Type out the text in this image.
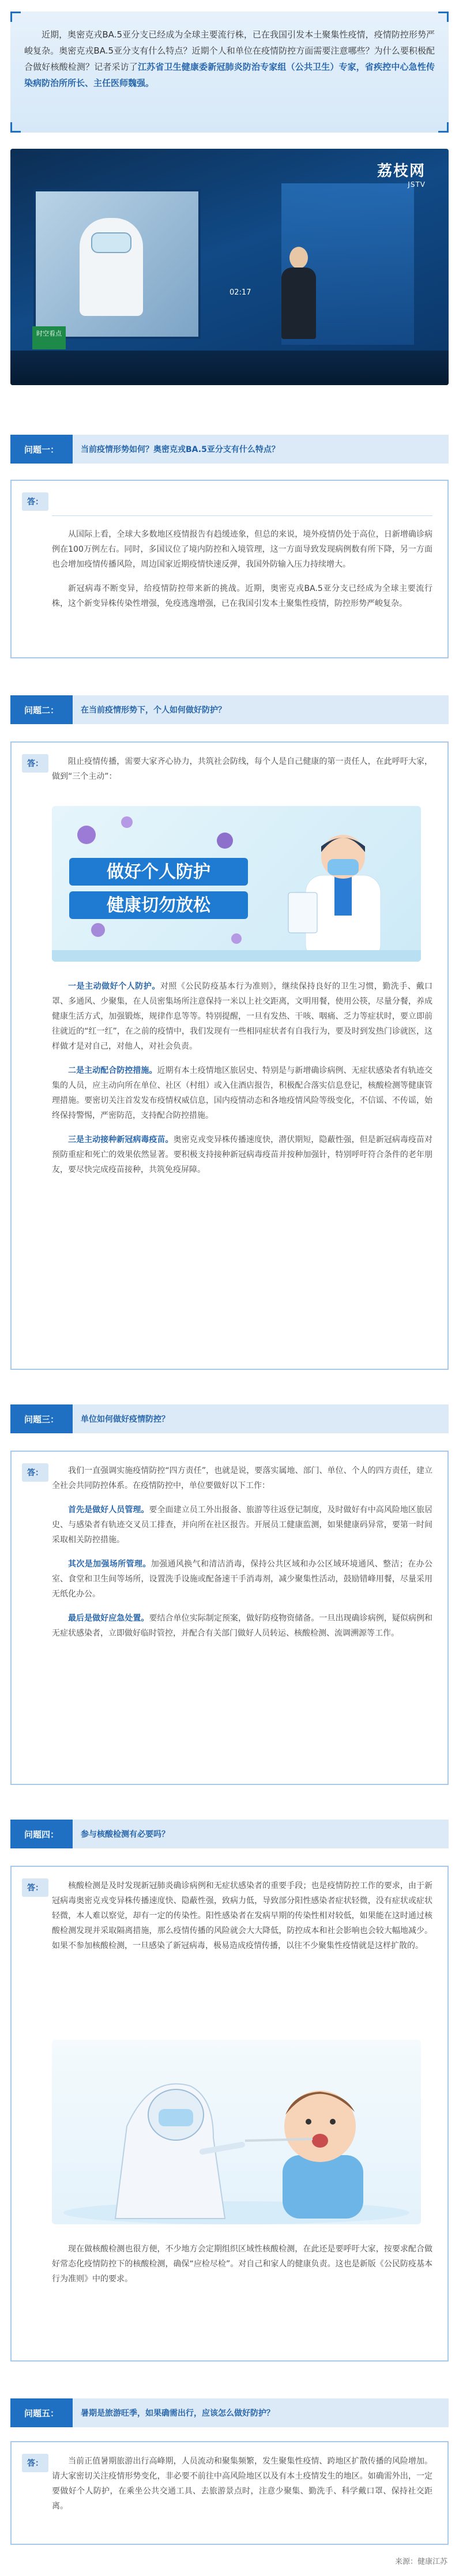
近期，奥密克戎BA.5亚分支已经成为全球主要流行株，已在我国引发本土聚集性疫情，疫情防控形势严峻复杂。奥密克戎BA.5亚分支有什么特点？近期个人和单位在疫情防控方面需要注意哪些？为什么要积极配合做好核酸检测？记者采访了江苏省卫生健康委新冠肺炎防治专家组（公共卫生）专家，省疾控中心急性传染病防治所所长、主任医师魏强。

荔枝网
JSTV
02:17
时空看点
问题一：	当前疫情形势如何？奥密克戎BA.5亚分支有什么特点？
答：

从国际上看，全球大多数地区疫情报告有趋缓迹象，但总的来说，境外疫情仍处于高位，日新增确诊病例在100万例左右。同时，多国议位了境内防控和入境管理，这一方面导致发现病例数有所下降，另一方面也会增加疫情传播风险，周边国家近期疫情快速反弹，我国外防输入压力持续增大。

新冠病毒不断变异，给疫情防控带来新的挑战。近期，奥密克戎BA.5亚分支已经成为全球主要流行株，这个新变异株传染性增强，免疫逃逸增强，已在我国引发本土聚集性疫情，防控形势严峻复杂。

问题二：	在当前疫情形势下，个人如何做好防护？
答：	阻止疫情传播，需要大家齐心协力，共筑社会防线，每个人是自己健康的第一责任人，在此呼吁大家，做到“三个主动”：

做好个人防护
健康切勿放松

一是主动做好个人防护。对照《公民防疫基本行为准则》，继续保持良好的卫生习惯，勤洗手、戴口罩、多通风、少聚集，在人员密集场所注意保持一米以上社交距离，文明用餐，使用公筷，尽量分餐，养成健康生活方式，加强锻炼，规律作息等等。特别提醒，一旦有发热、干咳、咽痛、乏力等症状时，要立即前往就近的“红一红”，在之前的疫情中，我们发现有一些相同症状者有自我行为，要及时到发热门诊就医，这样做才是对自己，对他人，对社会负责。

二是主动配合防控措施。近期有本土疫情地区旅居史、特别是与新增确诊病例、无症状感染者有轨迹交集的人员，应主动向所在单位、社区（村组）或入住酒店报告，积极配合落实信息登记，核酸检测等健康管理措施。要密切关注首发发布疫情权威信息，国内疫情动态和各地疫情风险等级变化，不信谣、不传谣，始终保持警惕，严密防范，支持配合防控措施。

三是主动接种新冠病毒疫苗。奥密克戎变异株传播速度快，潜伏期短，隐蔽性强，但是新冠病毒疫苗对预防重症和死亡的效果依然显著。要积极支持接种新冠病毒疫苗并按种加强针，特别呼吁符合条件的老年朋友，要尽快完成疫苗接种，共筑免疫屏障。

问题三：	单位如何做好疫情防控？
答：	我们一直强调实施疫情防控“四方责任”，也就是说，要落实属地、部门、单位、个人的四方责任，建立全社会共同防控体系。在疫情防控中，单位要做好以下工作：

首先是做好人员管理。要全面建立员工外出报备、旅游等往返登记制度，及时做好有中高风险地区旅居史、与感染者有轨迹交叉员工排查，并向所在社区报告。开展员工健康监测，如果健康码异常，要第一时间采取相关防控措施。

其次是加强场所管理。加强通风换气和清洁消毒，保持公共区域和办公区域环境通风、整洁；在办公室、食堂和卫生间等场所，设置洗手设施或配备速干手消毒剂，减少聚集性活动，鼓励错峰用餐，尽量采用无纸化办公。

最后是做好应急处置。要结合单位实际制定预案，做好防疫物资储备。一旦出现确诊病例，疑似病例和无症状感染者，立即做好临时管控，并配合有关部门做好人员转运、核酸检测、流调溯源等工作。

问题四：	参与核酸检测有必要吗？
答：	核酸检测是及时发现新冠肺炎确诊病例和无症状感染者的重要手段；也是疫情防控工作的要求，由于新冠病毒奥密克戎变异株传播速度快、隐蔽性强，致病力低，导致部分阳性感染者症状轻微，没有症状或症状轻微，本人难以察觉，却有一定的传染性。阳性感染者在发病早期的传染性相对较低，如果能在这时通过核酸检测发现并采取隔离措施，那么疫情传播的风险就会大大降低，防控成本和社会影响也会较大幅地减少。如果不参加核酸检测，一旦感染了新冠病毒，极易造成疫情传播，以往不少聚集性疫情就是这样扩散的。

现在做核酸检测也很方便，不少地方会定期组织区域性核酸检测，在此还是要呼吁大家，按要求配合做好常态化疫情防控下的核酸检测，确保“应检尽检”。对自己和家人的健康负责。这也是新版《公民防疫基本行为准则》中的要求。

问题五：	暑期是旅游旺季，如果确需出行，应该怎么做好防护？
答：	当前正值暑期旅游出行高峰期，人员流动和聚集频繁，发生聚集性疫情、跨地区扩散传播的风险增加。请大家密切关注疫情形势变化，非必要不前往中高风险地区以及有本土疫情发生的地区。如确需外出，一定要做好个人防护，在乘坐公共交通工具、去旅游景点时，注意少聚集、勤洗手、科学戴口罩、保持社交距离。

来源：健康江苏
